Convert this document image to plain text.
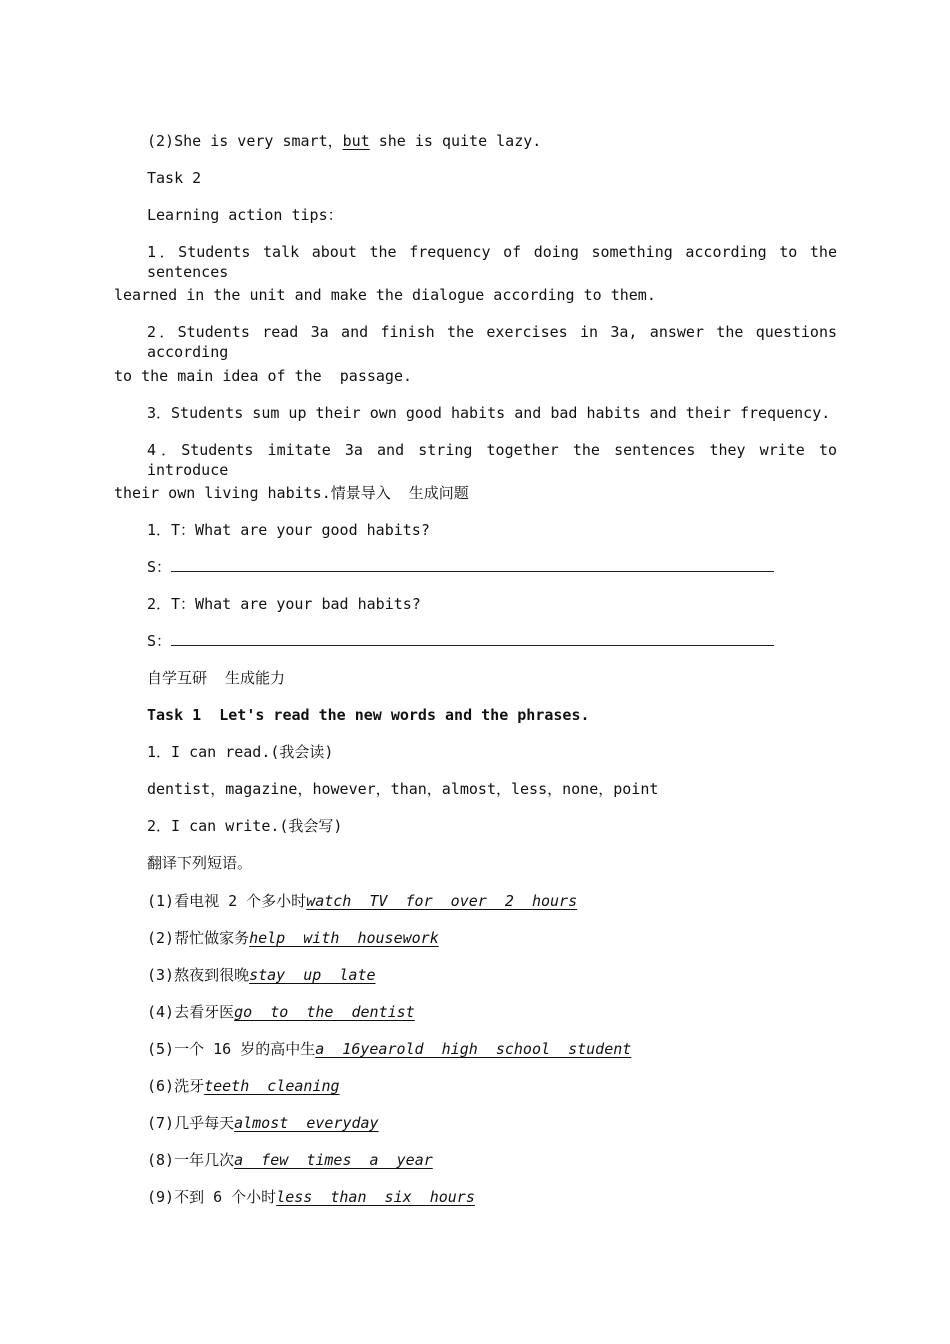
(2)She is very smart，but she is quite lazy.
Task 2
Learning action tips：
1．Students talk about the frequency of doing something according to the sentences
learned in the unit and make the dialogue according to them.
2．Students read 3a and finish the exercises in 3a, answer the questions according
to the main idea of the  passage.
3．Students sum up their own good habits and bad habits and their frequency.
4．Students imitate 3a and string together the sentences they write to introduce
their own living habits.情景导入  生成问题
1．T：What are your good habits?
S：
2．T：What are your bad habits?
S：
自学互研  生成能力
Task 1  Let's read the new words and the phrases.
1．I can read.(我会读)
dentist，magazine，however，than，almost，less，none，point
2．I can write.(我会写)
翻译下列短语。
(1)看电视 2 个多小时watch  TV  for  over  2  hours
(2)帮忙做家务help  with  housework
(3)熬夜到很晚stay  up  late
(4)去看牙医go  to  the  dentist
(5)一个 16 岁的高中生a  16yearold  high  school  student
(6)洗牙teeth  cleaning
(7)几乎每天almost  everyday
(8)一年几次a  few  times  a  year
(9)不到 6 个小时less  than  six  hours
